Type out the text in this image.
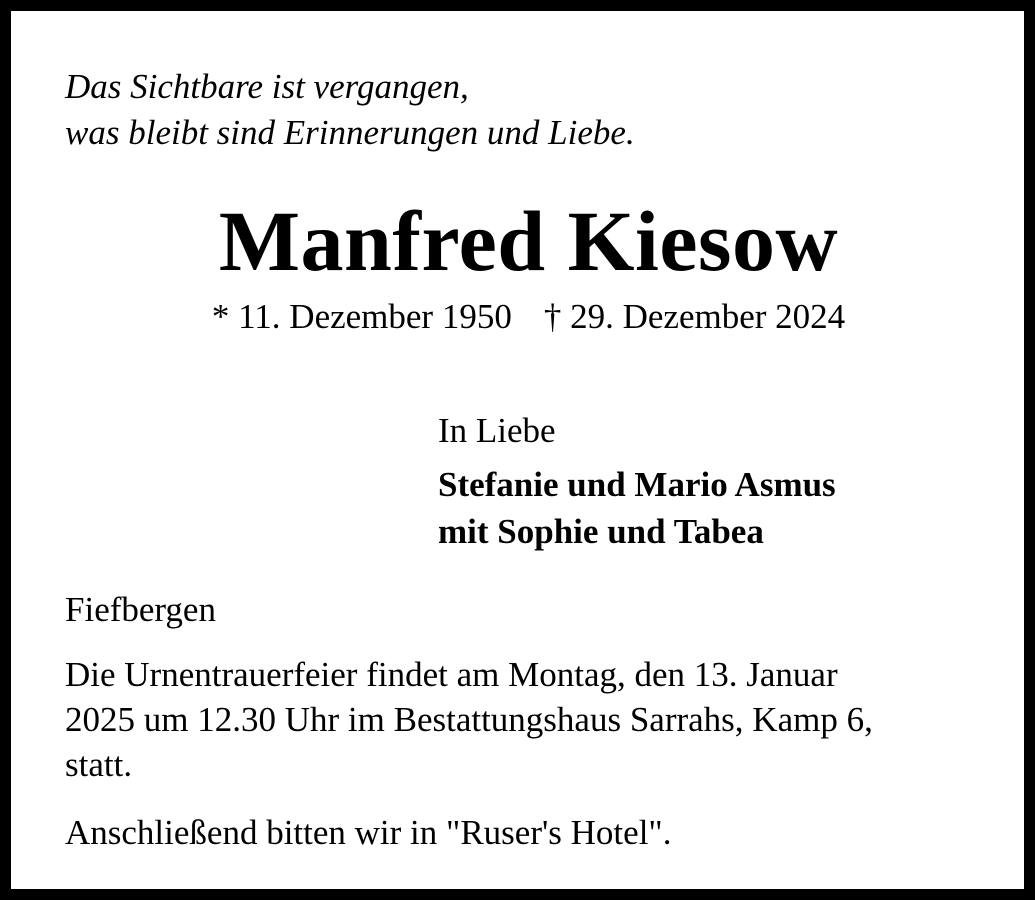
Das Sichtbare ist vergangen,
was bleibt sind Erinnerungen und Liebe.
Manfred Kiesow
* 11. Dezember 1950 † 29. Dezember 2024
In Liebe
Stefanie und Mario Asmus
mit Sophie und Tabea
Fiefbergen
Die Urnentrauerfeier findet am Montag, den 13. Januar
2025 um 12.30 Uhr im Bestattungshaus Sarrahs, Kamp 6,
statt.
Anschließend bitten wir in "Ruser's Hotel".
